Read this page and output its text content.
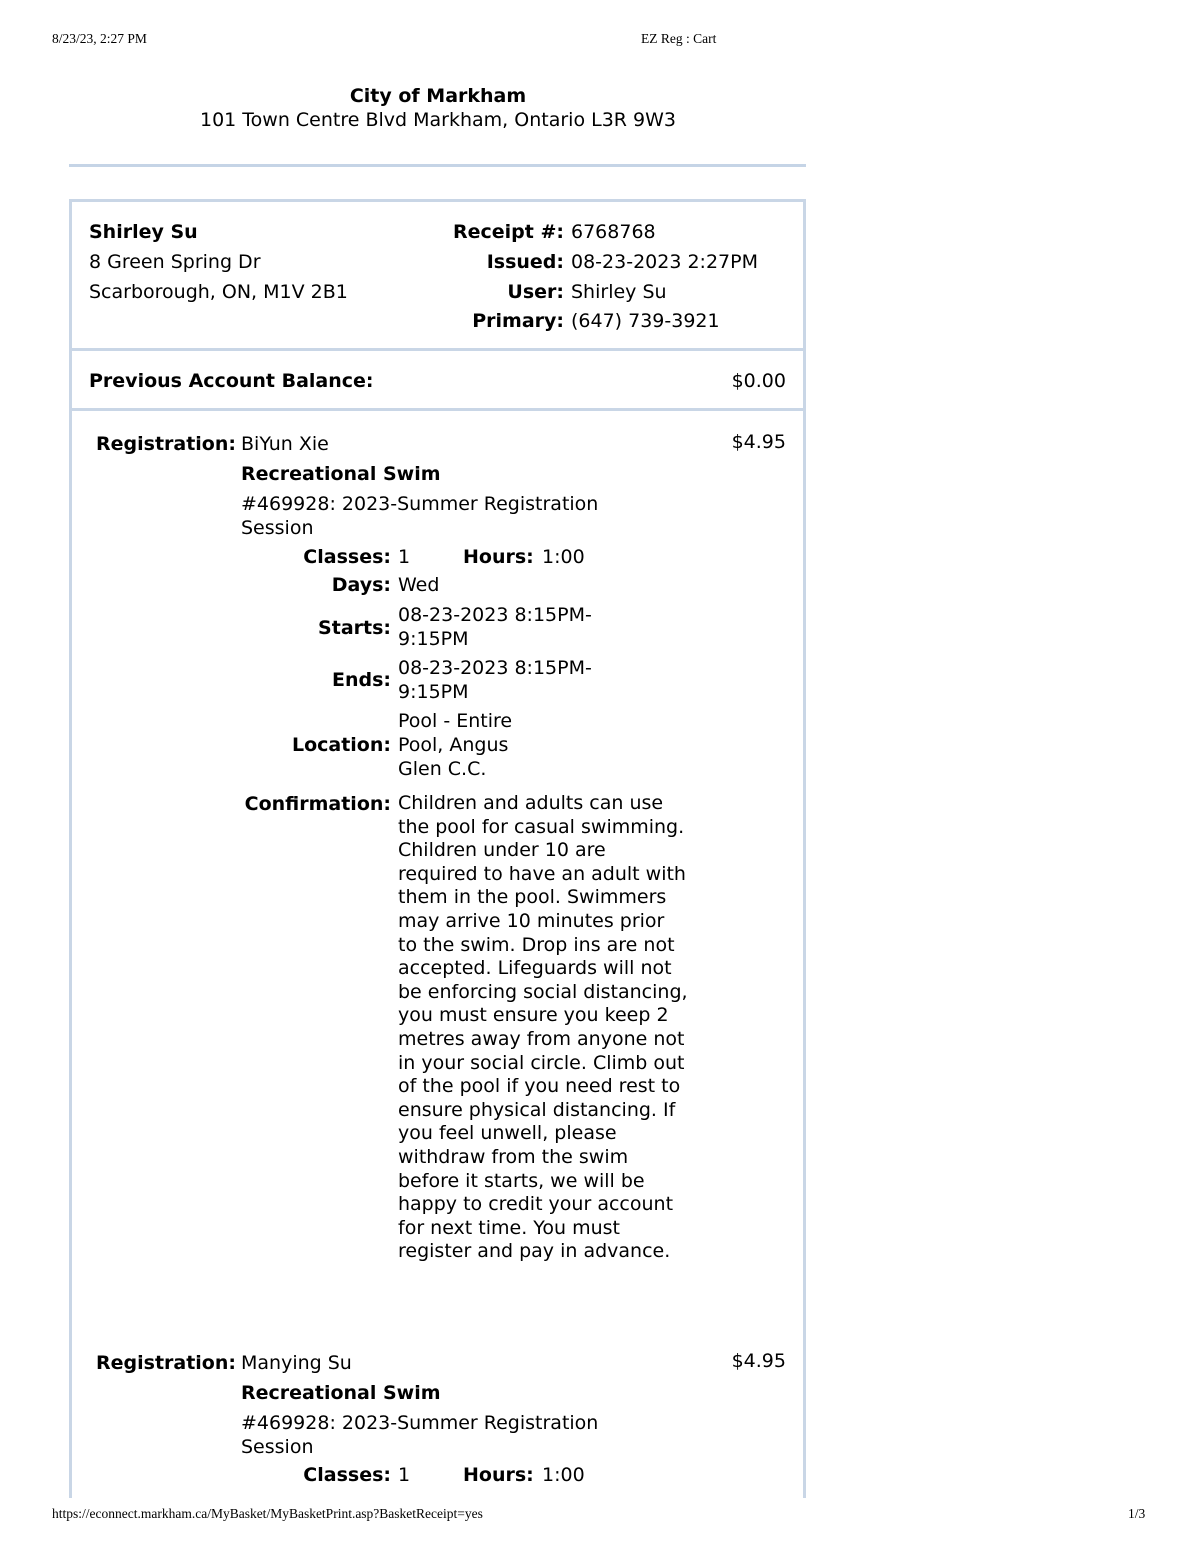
8/23/23, 2:27 PM	EZ Reg : Cart
City of Markham
101 Town Centre Blvd Markham, Ontario L3R 9W3
Shirley Su
8 Green Spring Dr
Scarborough, ON, M1V 2B1
Receipt #: 6768768
Issued: 08-23-2023 2:27PM
User: Shirley Su
Primary: (647) 739-3921
Previous Account Balance:	$0.00
Registration: BiYun Xie	$4.95
Recreational Swim
#469928: 2023-Summer Registration Session
Classes: 1	Hours: 1:00
Days: Wed
Starts:
08-23-2023 8:15PM-9:15PM
Ends:
08-23-2023 8:15PM-9:15PM
Location:
Pool - Entire Pool, Angus Glen C.C.
Confirmation: Children and adults can use the pool for casual swimming. Children under 10 are required to have an adult with them in the pool. Swimmers may arrive 10 minutes prior to the swim. Drop ins are not accepted. Lifeguards will not be enforcing social distancing, you must ensure you keep 2 metres away from anyone not in your social circle. Climb out of the pool if you need rest to ensure physical distancing. If you feel unwell, please withdraw from the swim before it starts, we will be happy to credit your account for next time. You must register and pay in advance.
Registration: Manying Su	$4.95
Recreational Swim
#469928: 2023-Summer Registration Session
Classes: 1	Hours: 1:00
https://econnect.markham.ca/MyBasket/MyBasketPrint.asp?BasketReceipt=yes	1/3
